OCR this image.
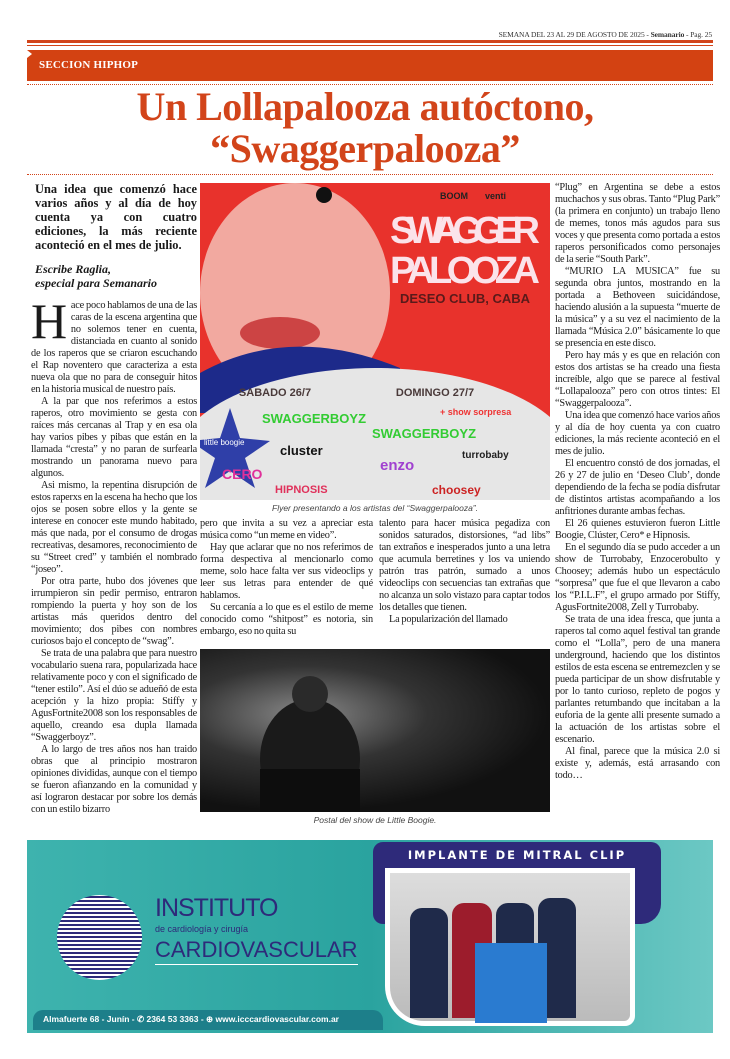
SEMANA DEL 23 AL 29 DE AGOSTO DE 2025 - Semanario - Pag. 25
SECCION HIPHOP
Un Lollapalooza autóctono,
“Swaggerpalooza”

Una idea que comenzó hace varios años y al día de hoy cuenta ya con cuatro ediciones, la más reciente aconteció en el mes de julio.

Escribe Raglia,
especial para Semanario

Hace poco hablamos de una de las caras de la escena argentina que no solemos tener en cuenta, distanciada en cuanto al sonido de los raperos que se criaron escuchando el Rap noventero que caracteriza a esta nueva ola que no para de conseguir hitos en la historia musical de nuestro país.

A la par que nos referimos a estos raperos, otro movimiento se gesta con raíces más cercanas al Trap y en esa ola hay varios pibes y pibas que están en la llamada “cresta” y no paran de surfearla mostrando un panorama nuevo para algunos.

Asi mismo, la repentina disrupción de estos raperxs en la escena ha hecho que los ojos se posen sobre ellos y la gente se interese en conocer este mundo habitado, más que nada, por el consumo de drogas recreativas, desamores, reconocimiento de su “Street cred” y también el nombrado “joseo”.

Por otra parte, hubo dos jóvenes que irrumpieron sin pedir permiso, entraron rompiendo la puerta y hoy son de los artistas más queridos dentro del movimiento; dos pibes con nombres curiosos bajo el concepto de “swag”.

Se trata de una palabra que para nuestro vocabulario suena rara, popularizada hace relativamente poco y con el significado de “tener estilo”. Así el dúo se adueñó de esta acepción y la hizo propia: Stiffy y AgusFortnite2008 son los responsables de aquello, creando esa dupla llamada “Swaggerboyz”.

A lo largo de tres años nos han traido obras que al principio mostraron opiniones divididas, aunque con el tiempo se fueron afianzando en la comunidad y así lograron destacar por sobre los demás con un estilo bizarro

BOOM venti
SWAGGER
PALOOZA
DESEO CLUB, CABA
SABADO 26/7	DOMINGO 27/7
SWAGGERBOYZ
little boogie
cluster
CERO
HIPNOSIS
+ show sorpresa
SWAGGERBOYZ
turrobaby
enzo
choosey
Flyer presentando a los artistas del “Swaggerpalooza”.

pero que invita a su vez a apreciar esta música como “un meme en video”.

Hay que aclarar que no nos referimos de forma despectiva al mencionarlo como meme, solo hace falta ver sus videoclips y leer sus letras para entender de qué hablamos.

Su cercanía a lo que es el estilo de meme conocido como “shitpost” es notoria, sin embargo, eso no quita su

talento para hacer música pegadiza con sonidos saturados, distorsiones, “ad libs” tan extraños e inesperados junto a una letra que acumula berretines y los va uniendo patrón tras patrón, sumado a unos videoclips con secuencias tan extrañas que no alcanza un solo vistazo para captar todos los detalles que tienen.

La popularización del llamado

Postal del show de Little Boogie.

“Plug” en Argentina se debe a estos muchachos y sus obras. Tanto “Plug Park” (la primera en conjunto) un trabajo lleno de memes, tonos más agudos para sus voces y que presenta como portada a estos raperos personificados como personajes de la serie “South Park”.

“MURIO LA MUSICA” fue su segunda obra juntos, mostrando en la portada a Bethoveen suicidándose, haciendo alusión a la supuesta “muerte de la música” y a su vez el nacimiento de la llamada “Música 2.0” básicamente lo que se presencia en este disco.

Pero hay más y es que en relación con estos dos artistas se ha creado una fiesta increíble, algo que se parece al festival “Lollapalooza” pero con otros tintes: El “Swaggerpalooza”.

Una idea que comenzó hace varios años y al día de hoy cuenta ya con cuatro ediciones, la más reciente aconteció en el mes de julio.

El encuentro constó de dos jornadas, el 26 y 27 de julio en ‘Deseo Club’, donde dependiendo de la fecha se podía disfrutar de distintos artistas acompañando a los anfitriones durante ambas fechas.

El 26 quienes estuvieron fueron Little Boogie, Clúster, Cero* e Hipnosis.

En el segundo día se pudo acceder a un show de Turrobaby, Enzocerobulto y Choosey; además hubo un espectáculo “sorpresa” que fue el que llevaron a cabo los “P.I.L.F”, el grupo armado por Stiffy, AgusFortnite2008, Zell y Turrobaby.

Se trata de una idea fresca, que junta a raperos tal como aquel festival tan grande como el “Lolla”, pero de una manera underground, haciendo que los distintos estilos de esta escena se entremezclen y se pueda participar de un show disfrutable y por lo tanto curioso, repleto de pogos y parlantes retumbando que incitaban a la euforia de la gente alli presente sumado a la actuación de los artistas sobre el escenario.

Al final, parece que la música 2.0 si existe y, además, está arrasando con todo…

INSTITUTO
de cardiología y cirugía
CARDIOVASCULAR
IMPLANTE DE MITRAL CLIP
Almafuerte 68 - Junín - ✆ 2364 53 3363 - ⊕ www.icccardiovascular.com.ar
